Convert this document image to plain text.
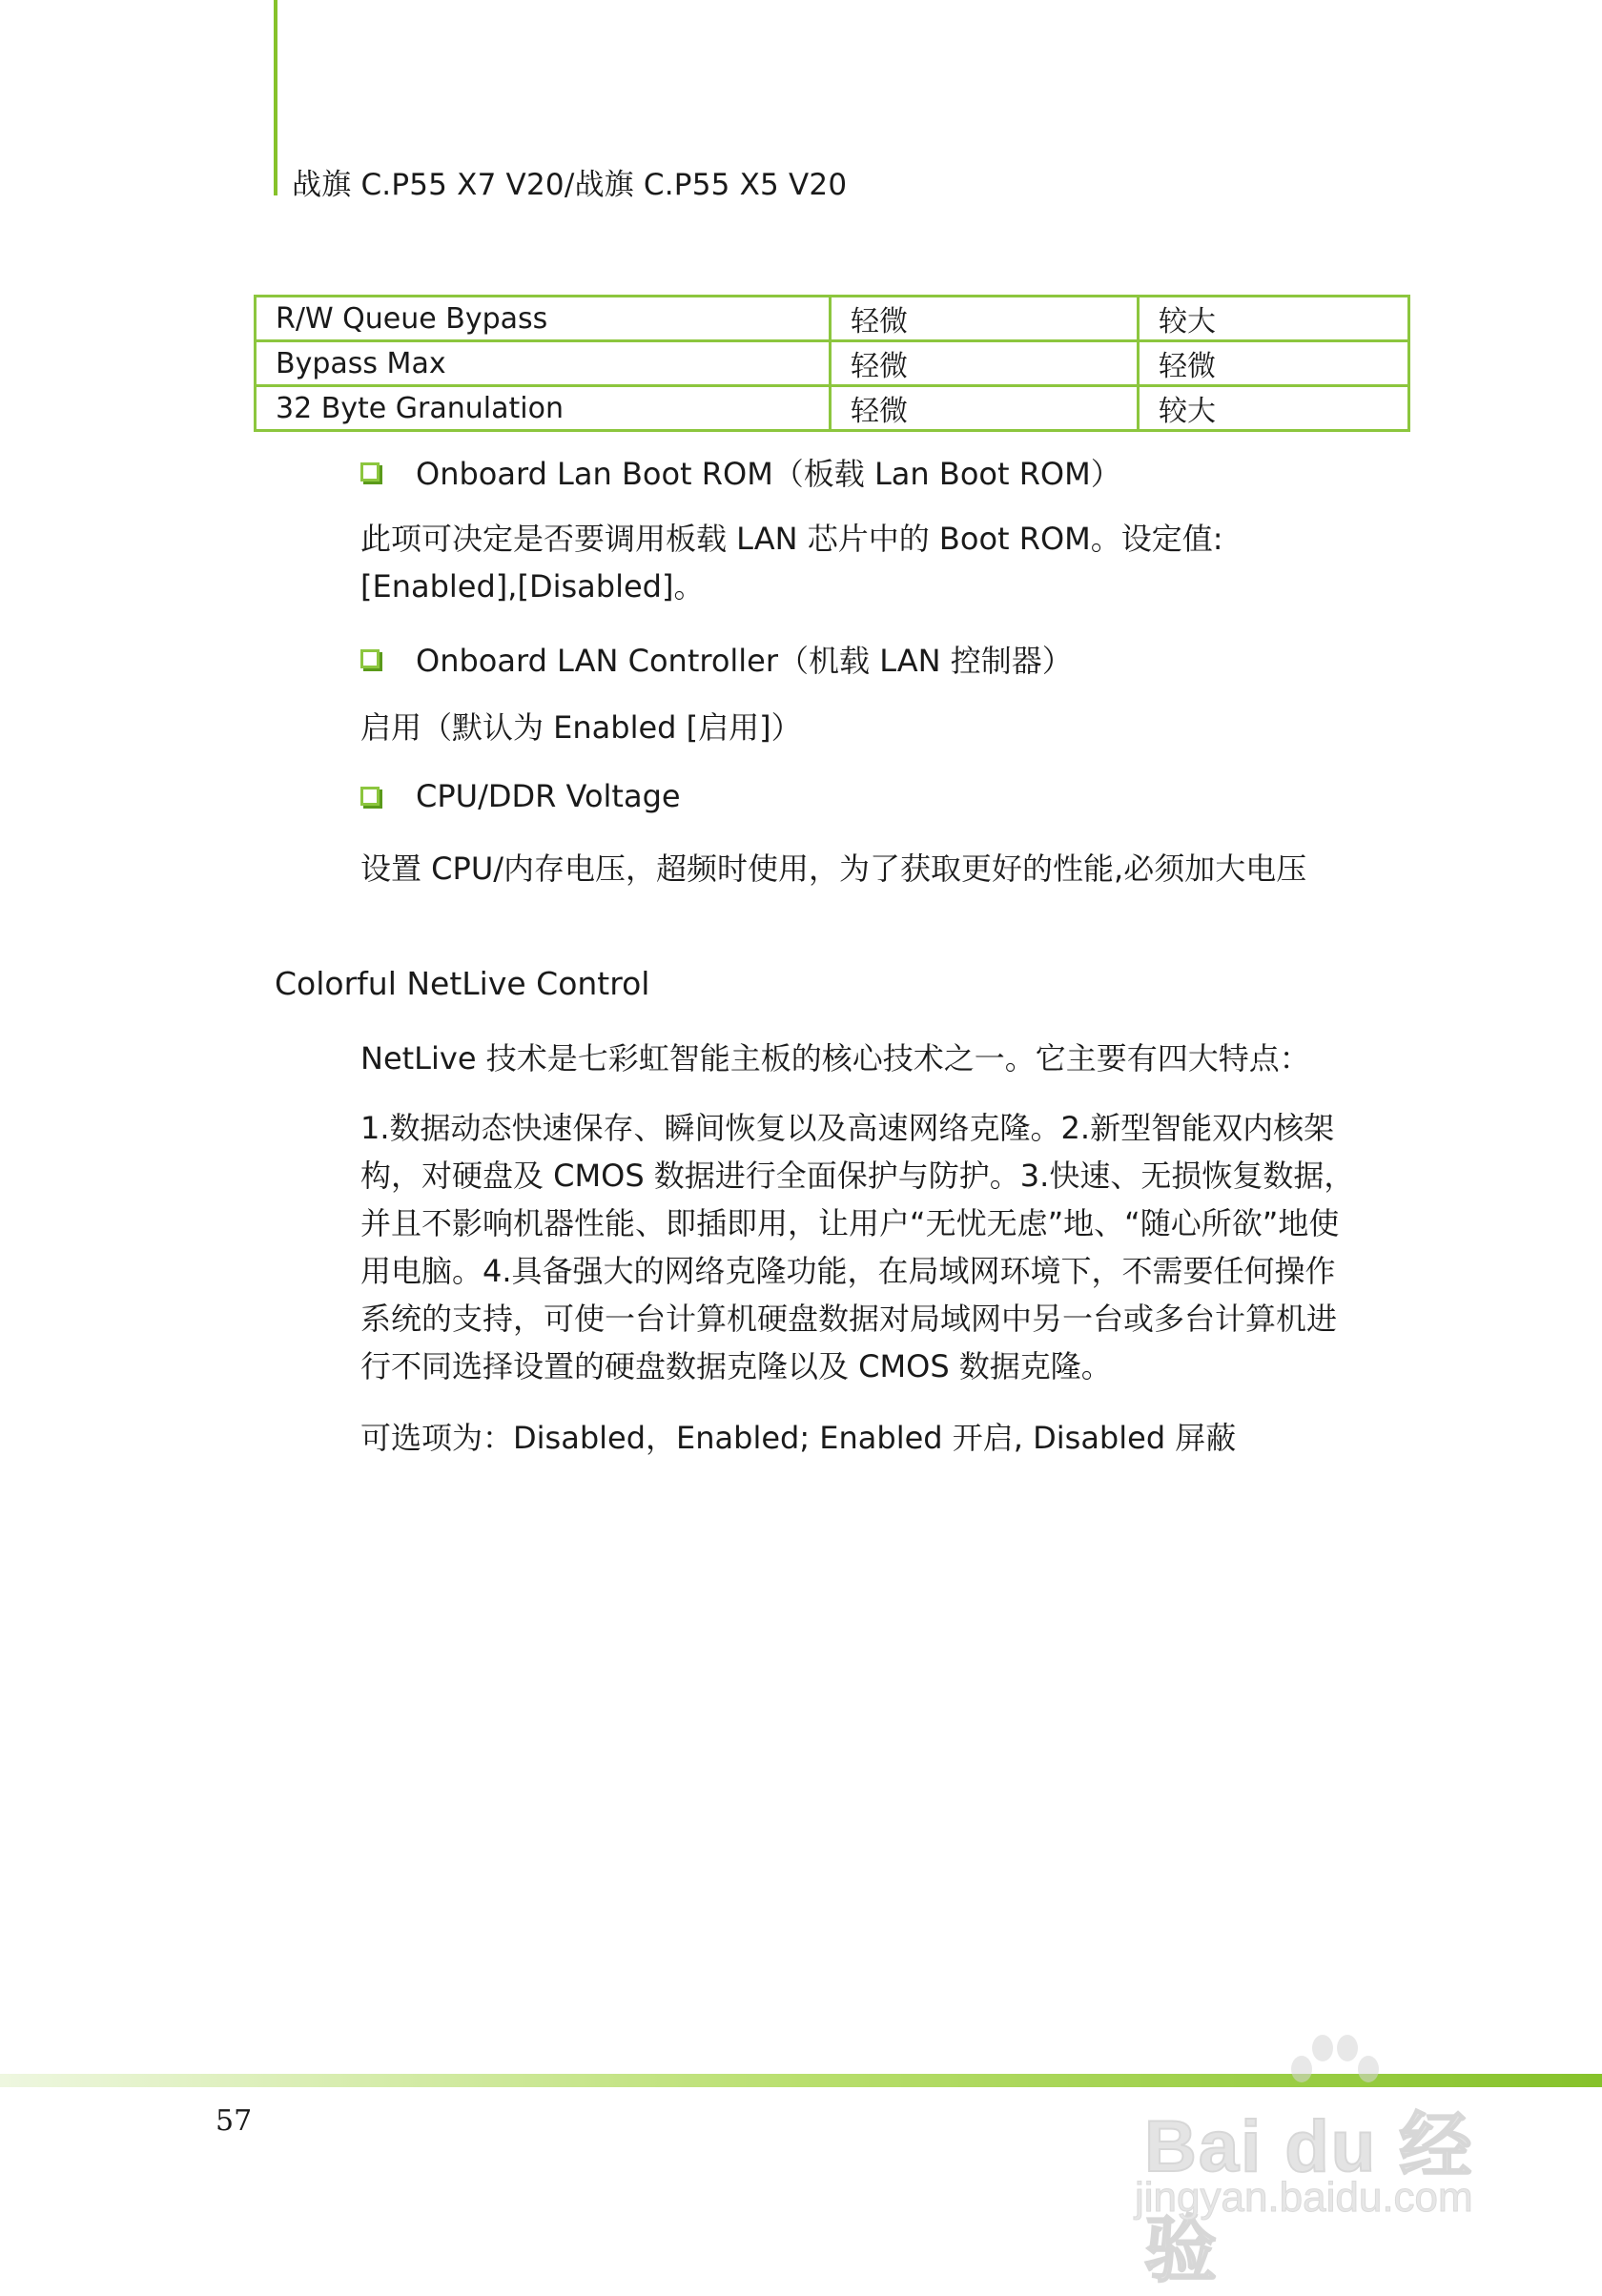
战旗 C.P55 X7 V20/战旗 C.P55 X5 V20
R/W Queue Bypass	轻微	较大
Bypass Max	轻微	轻微
32 Byte Granulation	轻微	较大
Onboard Lan Boot ROM（板载 Lan Boot ROM）

此项可决定是否要调用板载 LAN 芯片中的 Boot ROM。设定值:
[Enabled],[Disabled]。

Onboard LAN Controller（机载 LAN 控制器）

启用（默认为 Enabled [启用]）

CPU/DDR Voltage

设置 CPU/内存电压，超频时使用，为了获取更好的性能,必须加大电压

Colorful NetLive Control

NetLive 技术是七彩虹智能主板的核心技术之一。它主要有四大特点：

1.数据动态快速保存、瞬间恢复以及高速网络克隆。2.新型智能双内核架
构，对硬盘及 CMOS 数据进行全面保护与防护。3.快速、无损恢复数据，
并且不影响机器性能、即插即用，让用户“无忧无虑”地、“随心所欲”地使
用电脑。4.具备强大的网络克隆功能，在局域网环境下，不需要任何操作
系统的支持，可使一台计算机硬盘数据对局域网中另一台或多台计算机进
行不同选择设置的硬盘数据克隆以及 CMOS 数据克隆。

可选项为：Disabled，Enabled; Enabled 开启, Disabled 屏蔽

57	Bai du 经验
jingyan.baidu.com
